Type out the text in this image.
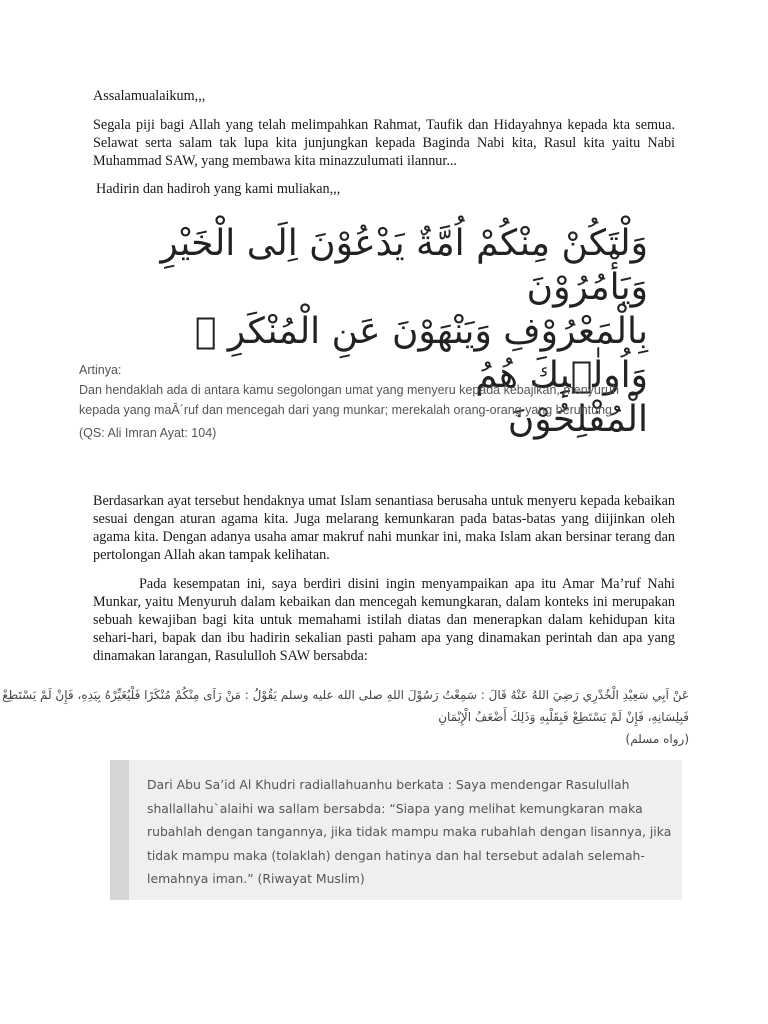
Assalamualaikum,,,

Segala piji bagi Allah yang telah melimpahkan Rahmat, Taufik dan Hidayahnya kepada kta semua. Selawat serta salam tak lupa kita junjungkan kepada Baginda Nabi kita, Rasul kita yaitu Nabi Muhammad SAW, yang membawa kita minazzulumati ilannur...

Hadirin dan hadiroh yang kami muliakan,,,

وَلْتَكُنْ مِنْكُمْ اُمَّةٌ يَدْعُوْنَ اِلَى الْخَيْرِ وَيَأْمُرُوْنَ
بِالْمَعْرُوْفِ وَيَنْهَوْنَ عَنِ الْمُنْكَرِ ۗ وَاُولٰۤىِٕكَ هُمُ
الْمُفْلِحُوْنَ
Artinya:
Dan hendaklah ada di antara kamu segolongan umat yang menyeru kepada kebajikan, menyuruh
kepada yang maÂ´ruf dan mencegah dari yang munkar; merekalah orang-orang yang beruntung.
(QS: Ali Imran Ayat: 104)

Berdasarkan ayat tersebut hendaknya umat Islam senantiasa berusaha untuk menyeru kepada kebaikan sesuai dengan aturan agama kita. Juga melarang kemunkaran pada batas-batas yang diijinkan oleh agama kita. Dengan adanya usaha amar makruf nahi munkar ini, maka Islam akan bersinar terang dan pertolongan Allah akan tampak kelihatan.

Pada kesempatan ini, saya berdiri disini ingin menyampaikan apa itu Amar Ma’ruf Nahi Munkar, yaitu Menyuruh dalam kebaikan dan mencegah kemungkaran, dalam konteks ini merupakan sebuah kewajiban bagi kita untuk memahami istilah diatas dan menerapkan dalam kehidupan kita sehari-hari, bapak dan ibu hadirin sekalian pasti paham apa yang dinamakan perintah dan apa yang dinamakan larangan, Rasululloh SAW bersabda:

عَنْ اَبِي سَعِيْدِ الْخُدْرِي رَضِيَ اللهُ عَنْهُ قَالَ : سَمِعْتُ رَسُوْلَ اللهِ صلى الله عليه وسلم يَقُوْلُ : مَنْ رَاَى مِنْكُمْ مُنْكَرًا فَلْيُغَيِّرْهُ بِيَدِهِ، فَإِنْ لَمْ يَسْتَطِعْ
فَبِلِسَانِهِ، فَإِنْ لَمْ يَسْتَطِعْ فَبِقَلْبِهِ وَذَلِكَ أَضْعَفُ الْإِيْمَانِ
(رواه مسلم)
Dari Abu Sa’id Al Khudri radiallahuanhu berkata : Saya mendengar Rasulullah
shallallahu`alaihi wa sallam bersabda: “Siapa yang melihat kemungkaran maka
rubahlah dengan tangannya, jika tidak mampu maka rubahlah dengan lisannya, jika
tidak mampu maka (tolaklah) dengan hatinya dan hal tersebut adalah selemah-
lemahnya iman.” (Riwayat Muslim)
